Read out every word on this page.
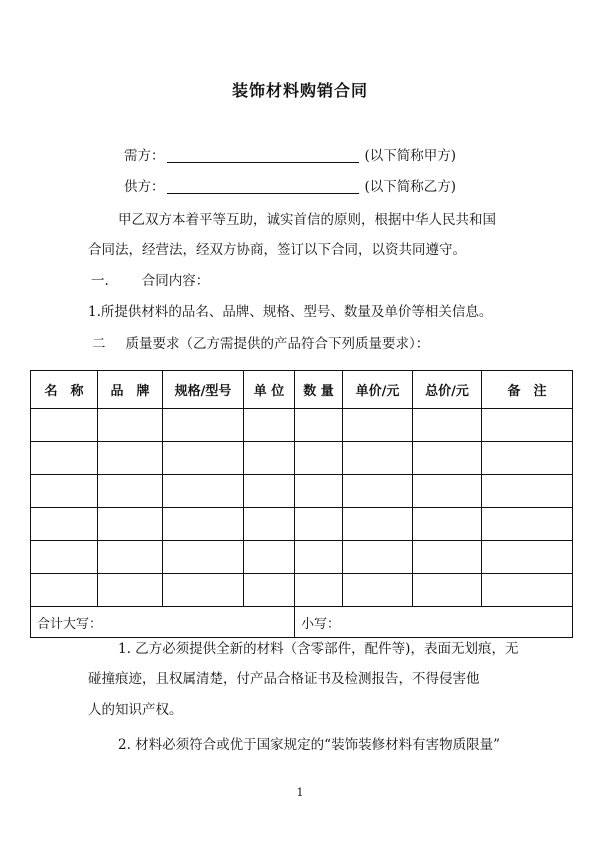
装饰材料购销合同
需方：	(以下简称甲方)
供方：	(以下简称乙方)
甲乙双方本着平等互助，诚实首信的原则，根据中华人民共和国
合同法，经营法，经双方协商，签订以下合同，以资共同遵守。
一. 合同内容：
1.所提供材料的品名、品牌、规格、型号、数量及单价等相关信息。
二 质量要求（乙方需提供的产品符合下列质量要求）：
名　称	品　牌	规格/型号	单 位	数 量	单价/元	总价/元	备　注

合计大写：				小写：			
1. 乙方必须提供全新的材料（含零部件，配件等)，表面无划痕，无
碰撞痕迹，且权属清楚，付产品合格证书及检测报告，不得侵害他
人的知识产权。
2. 材料必须符合或优于国家规定的“装饰装修材料有害物质限量”
1
